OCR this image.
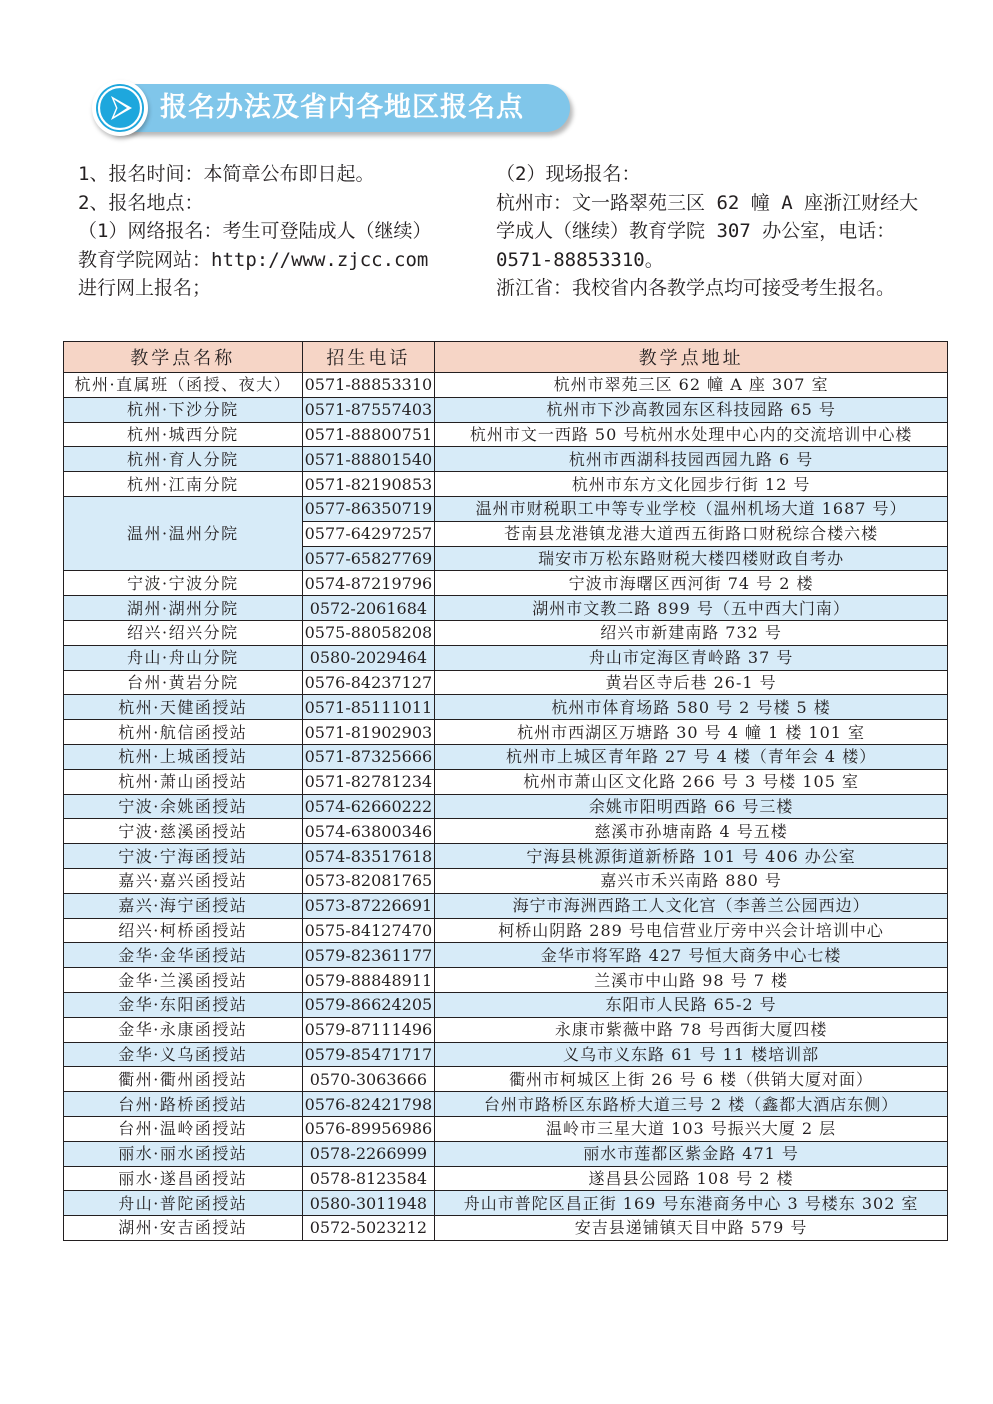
报名办法及省内各地区报名点

1、报名时间：本简章公布即日起。

2、报名地点：

（1）网络报名：考生可登陆成人（继续）

教育学院网站：http://www.zjcc.com

进行网上报名；

（2）现场报名：

杭州市：文一路翠苑三区 62 幢 A 座浙江财经大

学成人（继续）教育学院 307 办公室，电话：

0571-88853310。

浙江省：我校省内各教学点均可接受考生报名。

教学点名称	招生电话	教学点地址
杭州·直属班（函授、夜大）	0571-88853310	杭州市翠苑三区 62 幢 A 座 307 室
杭州·下沙分院	0571-87557403	杭州市下沙高教园东区科技园路 65 号
杭州·城西分院	0571-88800751	杭州市文一西路 50 号杭州水处理中心内的交流培训中心楼
杭州·育人分院	0571-88801540	杭州市西湖科技园西园九路 6 号
杭州·江南分院	0571-82190853	杭州市东方文化园步行街 12 号
温州·温州分院	0577-86350719	温州市财税职工中等专业学校（温州机场大道 1687 号）
	0577-64297257	苍南县龙港镇龙港大道西五街路口财税综合楼六楼
	0577-65827769	瑞安市万松东路财税大楼四楼财政自考办
宁波·宁波分院	0574-87219796	宁波市海曙区西河街 74 号 2 楼
湖州·湖州分院	0572-2061684	湖州市文教二路 899 号（五中西大门南）
绍兴·绍兴分院	0575-88058208	绍兴市新建南路 732 号
舟山·舟山分院	0580-2029464	舟山市定海区青岭路 37 号
台州·黄岩分院	0576-84237127	黄岩区寺后巷 26-1 号
杭州·天健函授站	0571-85111011	杭州市体育场路 580 号 2 号楼 5 楼
杭州·航信函授站	0571-81902903	杭州市西湖区万塘路 30 号 4 幢 1 楼 101 室
杭州·上城函授站	0571-87325666	杭州市上城区青年路 27 号 4 楼（青年会 4 楼）
杭州·萧山函授站	0571-82781234	杭州市萧山区文化路 266 号 3 号楼 105 室
宁波·余姚函授站	0574-62660222	余姚市阳明西路 66 号三楼
宁波·慈溪函授站	0574-63800346	慈溪市孙塘南路 4 号五楼
宁波·宁海函授站	0574-83517618	宁海县桃源街道新桥路 101 号 406 办公室
嘉兴·嘉兴函授站	0573-82081765	嘉兴市禾兴南路 880 号
嘉兴·海宁函授站	0573-87226691	海宁市海洲西路工人文化宫（李善兰公园西边）
绍兴·柯桥函授站	0575-84127470	柯桥山阴路 289 号电信营业厅旁中兴会计培训中心
金华·金华函授站	0579-82361177	金华市将军路 427 号恒大商务中心七楼
金华·兰溪函授站	0579-88848911	兰溪市中山路 98 号 7 楼
金华·东阳函授站	0579-86624205	东阳市人民路 65-2 号
金华·永康函授站	0579-87111496	永康市紫薇中路 78 号西街大厦四楼
金华·义乌函授站	0579-85471717	义乌市义东路 61 号 11 楼培训部
衢州·衢州函授站	0570-3063666	衢州市柯城区上街 26 号 6 楼（供销大厦对面）
台州·路桥函授站	0576-82421798	台州市路桥区东路桥大道三号 2 楼（鑫都大酒店东侧）
台州·温岭函授站	0576-89956986	温岭市三星大道 103 号振兴大厦 2 层
丽水·丽水函授站	0578-2266999	丽水市莲都区紫金路 471 号
丽水·遂昌函授站	0578-8123584	遂昌县公园路 108 号 2 楼
舟山·普陀函授站	0580-3011948	舟山市普陀区昌正街 169 号东港商务中心 3 号楼东 302 室
湖州·安吉函授站	0572-5023212	安吉县递铺镇天目中路 579 号
